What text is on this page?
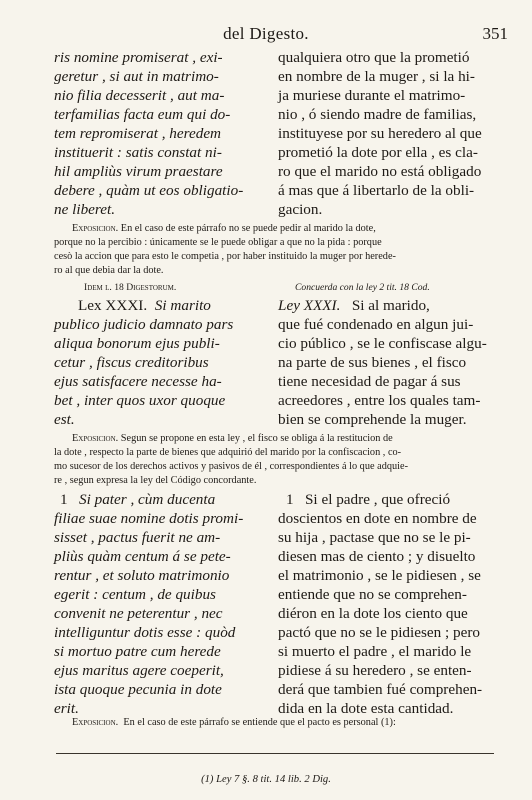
del Digesto.	351
ris nomine promiserat , exi-
geretur , si aut in matrimo-
nio filia decesserit , aut ma-
terfamilias facta eum qui do-
tem repromiserat , heredem
instituerit : satis constat ni-
hil ampliùs virum praestare
debere , quàm ut eos obligatio-
ne liberet.
qualquiera otro que la prometió
en nombre de la muger , si la hi-
ja muriese durante el matrimo-
nio , ó siendo madre de familias,
instituyese por su heredero al que
prometió la dote por ella , es cla-
ro que el marido no está obligado
á mas que á libertarlo de la obli-
gacion.
Exposicion. En el caso de este párrafo no se puede pedir al marido la dote,
porque no la percibio : únicamente se le puede obligar a que no la pida : porque
cesò la accion que para esto le competia , por haber instituido la muger por herede-
ro al que debia dar la dote.
Idem l. 18 Digestorum.	Concuerda con la ley 2 tit. 18 Cod.
Lex XXXI. Si marito
publico judicio damnato pars
aliqua bonorum ejus publi-
cetur , fiscus creditoribus
ejus satisfacere necesse ha-
bet , inter quos uxor quoque
est.
Ley XXXI. Si al marido,
que fué condenado en algun jui-
cio público , se le confiscase algu-
na parte de sus bienes , el fisco
tiene necesidad de pagar á sus
acreedores , entre los quales tam-
bien se comprehende la muger.
Exposicion. Segun se propone en esta ley , el fisco se obliga á la restitucion de
la dote , respecto la parte de bienes que adquirió del marido por la confiscacion , co-
mo sucesor de los derechos activos y pasivos de él , correspondientes á lo que adquie-
re , segun expresa la ley del Código concordante.
1 Si pater , cùm ducenta
filiae suae nomine dotis promi-
sisset , pactus fuerit ne am-
pliùs quàm centum á se pete-
rentur , et soluto matrimonio
egerit : centum , de quibus
convenit ne peterentur , nec
intelliguntur dotis esse : quòd
si mortuo patre cum herede
ejus maritus agere coeperit,
ista quoque pecunia in dote
erit.
1 Si el padre , que ofreció
doscientos en dote en nombre de
su hija , pactase que no se le pi-
diesen mas de ciento ; y disuelto
el matrimonio , se le pidiesen , se
entiende que no se comprehen-
diéron en la dote los ciento que
pactó que no se le pidiesen ; pero
si muerto el padre , el marido le
pidiese á su heredero , se enten-
derá que tambien fué comprehen-
dida en la dote esta cantidad.
Exposicion. En el caso de este párrafo se entiende que el pacto es personal (1):
(1) Ley 7 §. 8 tit. 14 lib. 2 Dig.
